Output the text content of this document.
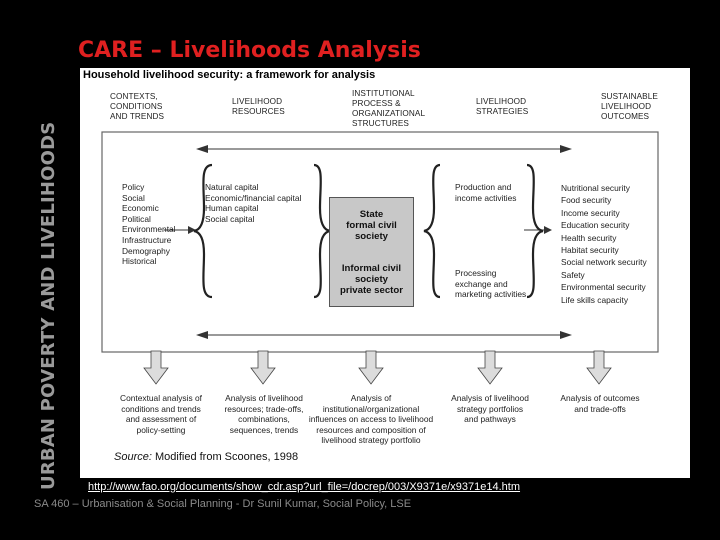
URBAN POVERTY AND LIVELIHOODS
CARE – Livelihoods Analysis
Household livelihood security: a framework for analysis
CONTEXTS,
CONDITIONS
AND TRENDS
LIVELIHOOD
RESOURCES
INSTITUTIONAL
PROCESS &
ORGANIZATIONAL
STRUCTURES
LIVELIHOOD
STRATEGIES
SUSTAINABLE
LIVELIHOOD
OUTCOMES
Policy
Social
Economic
Political
Environmental
Infrastructure
Demography
Historical
Natural capital
Economic/financial capital
Human capital
Social capital	State
formal civil
society
Informal civil
society
private sector
Production and
income activities
Processing
exchange and
marketing activities
Nutritional security
Food security
Income security
Education security
Health security
Habitat security
Social network security
Safety
Environmental security
Life skills capacity
Contextual analysis of
conditions and trends
and assessment of
policy-setting
Analysis of livelihood
resources; trade-offs,
combinations,
sequences, trends
Analysis of
institutional/organizational
influences on access to livelihood
resources and composition of
livelihood strategy portfolio
Analysis of livelihood
strategy portfolios
and pathways
Analysis of outcomes
and trade-offs
Source: Modified from Scoones, 1998
http://www.fao.org/documents/show_cdr.asp?url_file=/docrep/003/X9371e/x9371e14.htm
SA 460 – Urbanisation & Social Planning - Dr Sunil Kumar, Social Policy, LSE
